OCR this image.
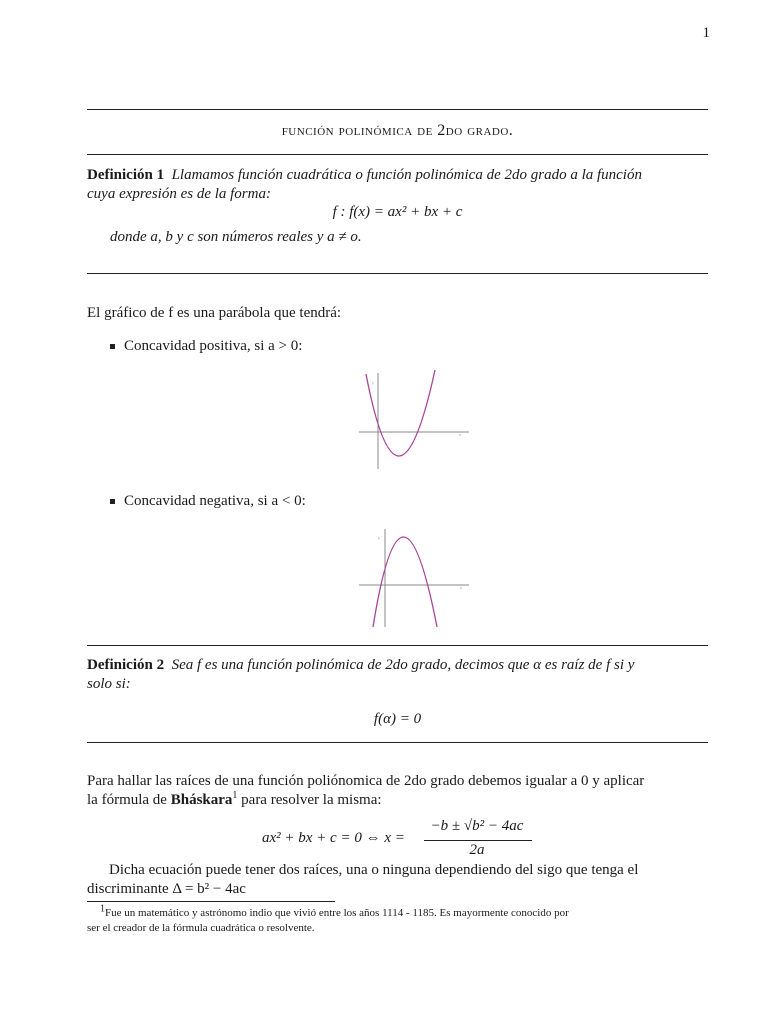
1
función polinómica de 2do grado.
Definición 1 Llamamos función cuadrática o función polinómica de 2do grado a la función
cuya expresión es de la forma:
f : f(x) = ax² + bx + c
donde a, b y c son números reales y a ≠ o.
El gráfico de f es una parábola que tendrá:
Concavidad positiva, si a > 0:
x
y
Concavidad negativa, si a < 0:
x
y
Definición 2 Sea f es una función polinómica de 2do grado, decimos que α es raíz de f si y
solo si:
f(α) = 0
Para hallar las raíces de una función poliónomica de 2do grado debemos igualar a 0 y aplicar
la fórmula de Bháskara$^1$ para resolver la misma:
ax² + bx + c = 0 ⇔ x =
−b ± √b² − 4ac
2a
Dicha ecuación puede tener dos raíces, una o ninguna dependiendo del sigo que tenga el
discriminante Δ = b² − 4ac
$^1$Fue un matemático y astrónomo indio que vivió entre los años 1114 - 1185. Es mayormente conocido por
ser el creador de la fórmula cuadrática o resolvente.
